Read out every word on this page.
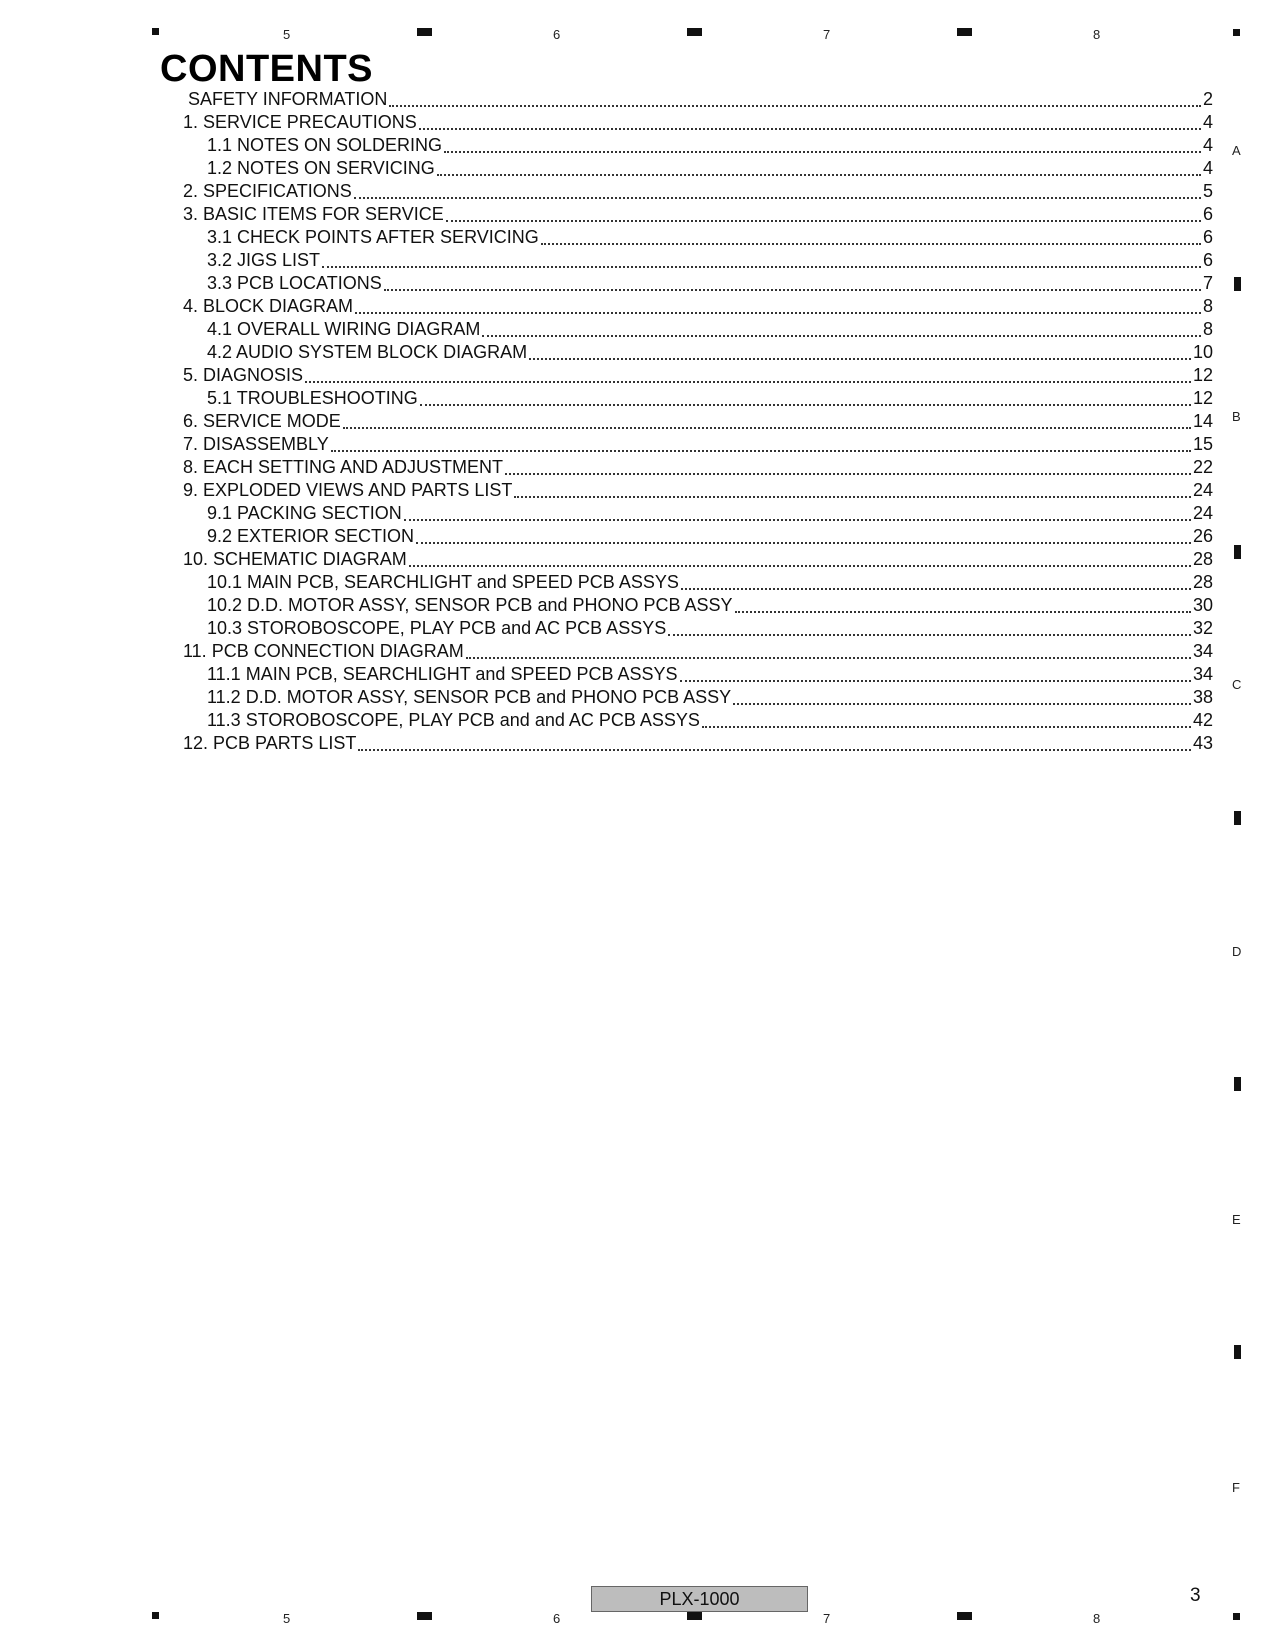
5	6	7	8
A
B
C
D
E
F
CONTENTS
SAFETY INFORMATION	2
1. SERVICE PRECAUTIONS	4
1.1 NOTES ON SOLDERING	4
1.2 NOTES ON SERVICING	4
2. SPECIFICATIONS	5
3. BASIC ITEMS FOR SERVICE	6
3.1 CHECK POINTS AFTER SERVICING	6
3.2 JIGS LIST	6
3.3 PCB LOCATIONS	7
4. BLOCK DIAGRAM	8
4.1 OVERALL WIRING DIAGRAM	8
4.2 AUDIO SYSTEM BLOCK DIAGRAM	10
5. DIAGNOSIS	12
5.1 TROUBLESHOOTING	12
6. SERVICE MODE	14
7. DISASSEMBLY	15
8. EACH SETTING AND ADJUSTMENT	22
9. EXPLODED VIEWS AND PARTS LIST	24
9.1 PACKING SECTION	24
9.2 EXTERIOR SECTION	26
10. SCHEMATIC DIAGRAM	28
10.1 MAIN PCB, SEARCHLIGHT and SPEED PCB ASSYS	28
10.2 D.D. MOTOR ASSY, SENSOR PCB and PHONO PCB ASSY	30
10.3 STOROBOSCOPE, PLAY PCB and AC PCB ASSYS	32
11. PCB CONNECTION DIAGRAM	34
11.1 MAIN PCB, SEARCHLIGHT and SPEED PCB ASSYS	34
11.2 D.D. MOTOR ASSY, SENSOR PCB and PHONO PCB ASSY	38
11.3 STOROBOSCOPE, PLAY PCB and and AC PCB ASSYS	42
12. PCB PARTS LIST	43
PLX-1000	3
5	6	7	8
